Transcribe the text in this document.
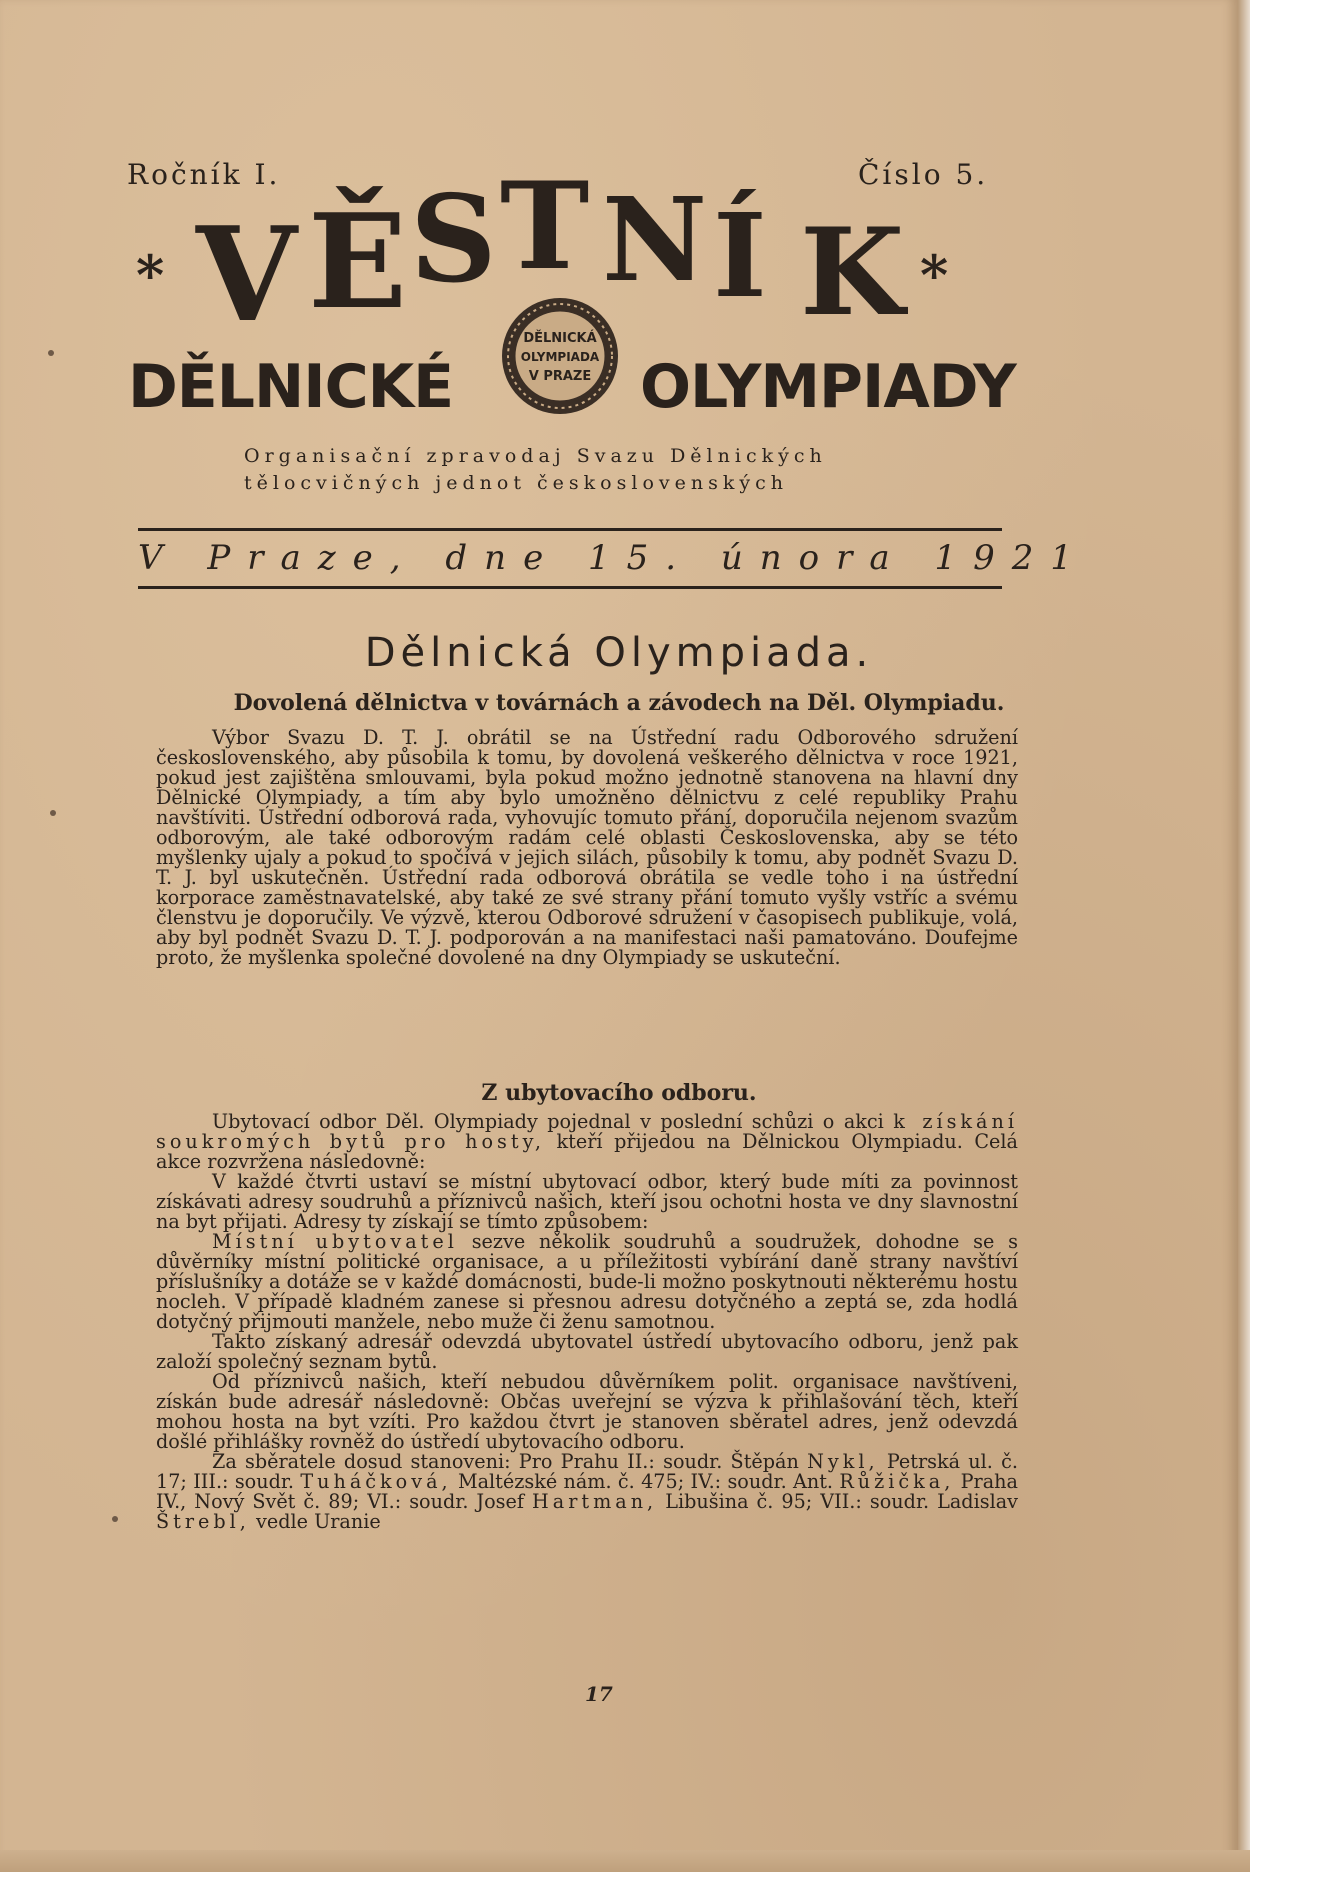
Ročník I.	Číslo 5.
* V Ě S T N Í K *
DĚLNICKÉ	OLYMPIADY
DĚLNICKÁ
OLYMPIADA
V PRAZE
Organisační zpravodaj Svazu Dělnických
tělocvičných jednot československých
V Praze, dne 15. února 1921
Dělnická Olympiada.
Dovolená dělnictva v továrnách a závodech na Děl. Olympiadu.

Výbor Svazu D. T. J. obrátil se na Ústřední radu Odborového sdružení československého, aby působila k tomu, by dovolená veškerého dělnictva v roce 1921, pokud jest zajištěna smlouvami, byla pokud možno jednotně stanovena na hlavní dny Dělnické Olympiady, a tím aby bylo umožněno dělnictvu z celé republiky Prahu navštíviti. Ústřední odborová rada, vyhovujíc tomuto přání, doporučila nejenom svazům odborovým, ale také odborovým radám celé oblasti Československa, aby se této myšlenky ujaly a pokud to spočívá v jejich silách, působily k tomu, aby podnět Svazu D. T. J. byl uskutečněn. Ústřední rada odborová obrátila se vedle toho i na ústřední korporace zaměstnavatelské, aby také ze své strany přání tomuto vyšly vstříc a svému členstvu je doporučily. Ve výzvě, kterou Odborové sdružení v časopisech publikuje, volá, aby byl podnět Svazu D. T. J. podporován a na manifestaci naši pamatováno. Doufejme proto, že myšlenka společné dovolené na dny Olympiady se uskuteční.

Z ubytovacího odboru.

Ubytovací odbor Děl. Olympiady pojednal v poslední schůzi o akci k získání soukromých bytů pro hosty, kteří přijedou na Dělnickou Olympiadu. Celá akce rozvržena následovně:

V každé čtvrti ustaví se místní ubytovací odbor, který bude míti za povinnost získávati adresy soudruhů a příznivců našich, kteří jsou ochotni hosta ve dny slavnostní na byt přijati. Adresy ty získají se tímto způsobem:

Místní ubytovatel sezve několik soudruhů a soudružek, dohodne se s důvěrníky místní politické organisace, a u příležitosti vybírání daně strany navštíví příslušníky a dotáže se v každé domácnosti, bude-li možno poskytnouti některému hostu nocleh. V případě kladném zanese si přesnou adresu dotyčného a zeptá se, zda hodlá dotyčný přijmouti manžele, nebo muže či ženu samotnou.

Takto získaný adresář odevzdá ubytovatel ústředí ubytovacího odboru, jenž pak založí společný seznam bytů.

Od příznivců našich, kteří nebudou důvěrníkem polit. organisace navštíveni, získán bude adresář následovně: Občas uveřejní se výzva k přihlašování těch, kteří mohou hosta na byt vzíti. Pro každou čtvrt je stanoven sběratel adres, jenž odevzdá došlé přihlášky rovněž do ústředí ubytovacího odboru.

Za sběratele dosud stanoveni: Pro Prahu II.: soudr. Štěpán Nykl, Petrská ul. č. 17; III.: soudr. Tuháčková, Maltézské nám. č. 475; IV.: soudr. Ant. Růžička, Praha IV., Nový Svět č. 89; VI.: soudr. Josef Hartman, Libušina č. 95; VII.: soudr. Ladislav Štrebl, vedle Uranie

17
